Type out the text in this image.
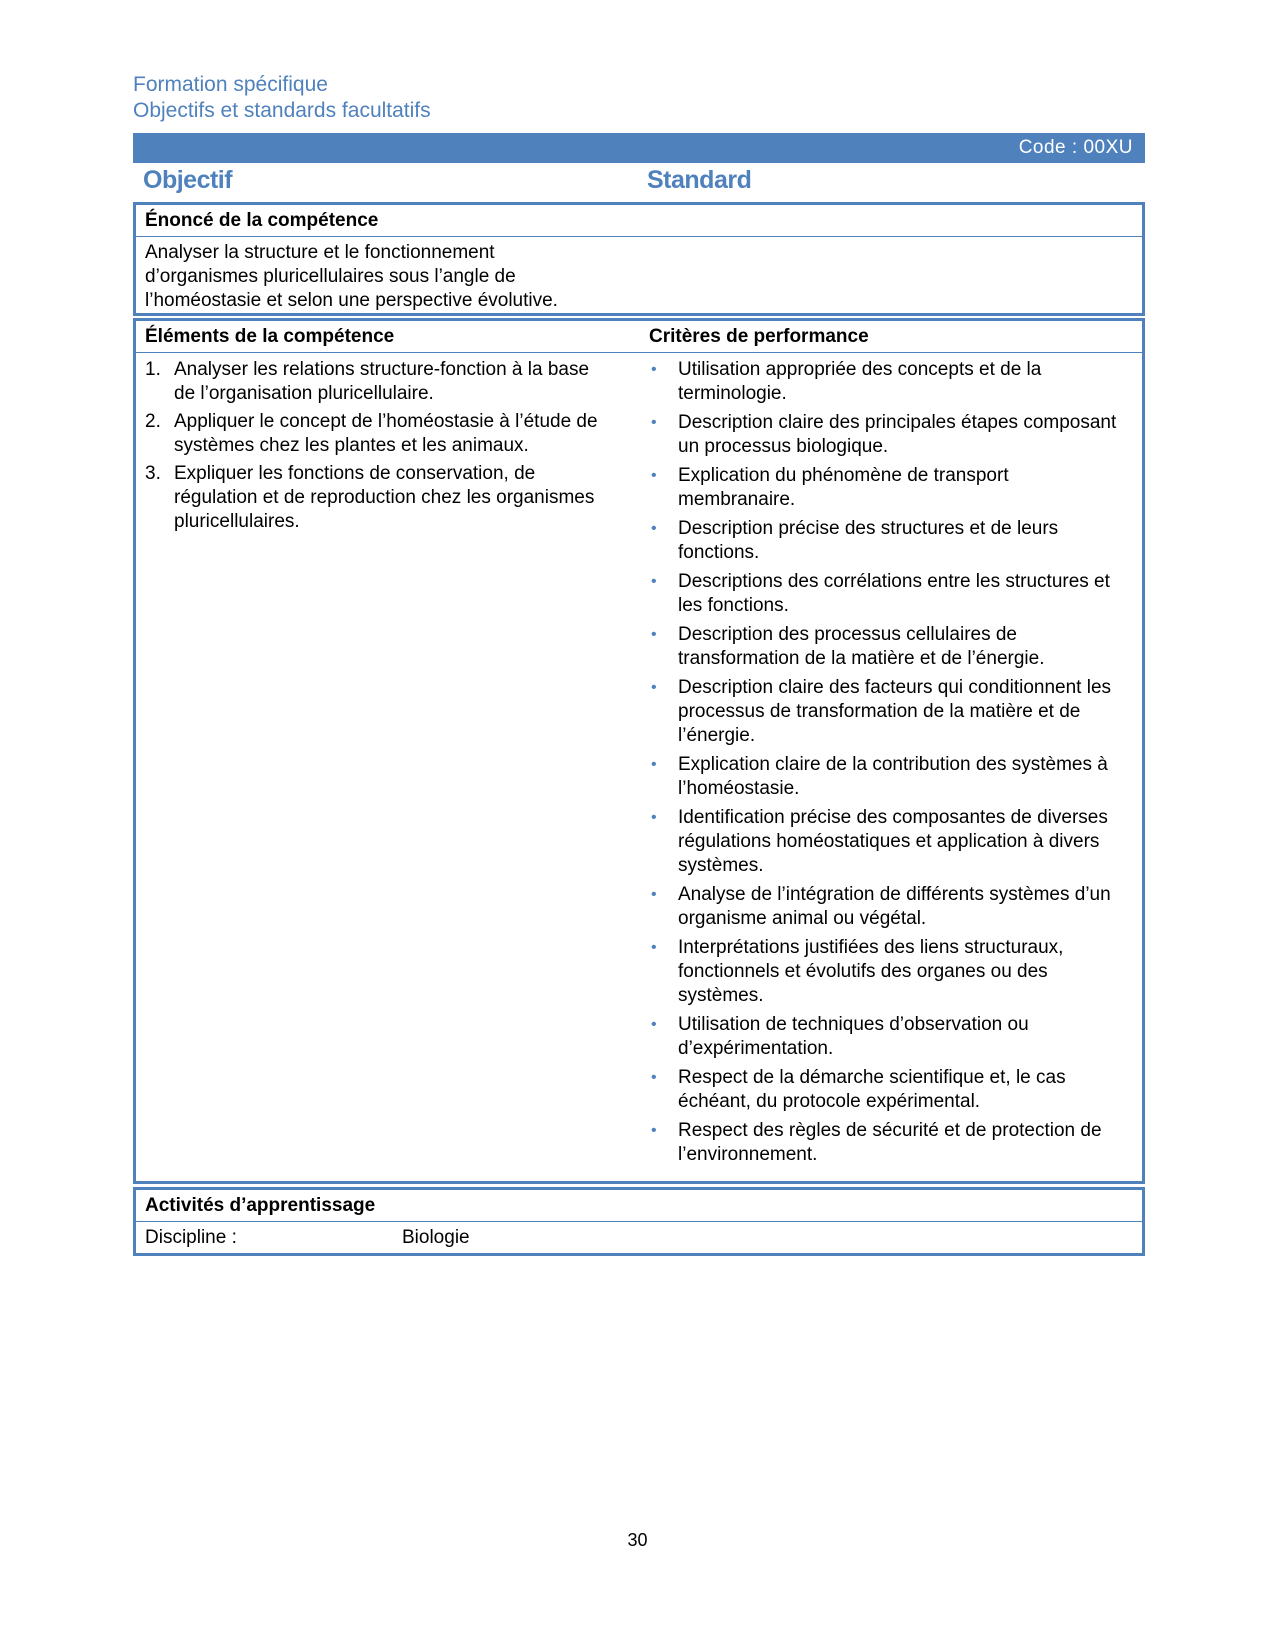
Formation spécifique
Objectifs et standards facultatifs
Code : 00XU
Objectif	Standard
Énoncé de la compétence
Analyser la structure et le fonctionnement
d’organismes pluricellulaires sous l’angle de
l’homéostasie et selon une perspective évolutive.
Éléments de la compétence	Critères de performance
1. Analyser les relations structure-fonction à la base de l’organisation pluricellulaire.
2. Appliquer le concept de l’homéostasie à l’étude de systèmes chez les plantes et les animaux.
3. Expliquer les fonctions de conservation, de régulation et de reproduction chez les organismes pluricellulaires.
• Utilisation appropriée des concepts et de la terminologie.
• Description claire des principales étapes composant un processus biologique.
• Explication du phénomène de transport membranaire.
• Description précise des structures et de leurs fonctions.
• Descriptions des corrélations entre les structures et les fonctions.
• Description des processus cellulaires de transformation de la matière et de l’énergie.
• Description claire des facteurs qui conditionnent les processus de transformation de la matière et de l’énergie.
• Explication claire de la contribution des systèmes à l’homéostasie.
• Identification précise des composantes de diverses régulations homéostatiques et application à divers systèmes.
• Analyse de l’intégration de différents systèmes d’un organisme animal ou végétal.
• Interprétations justifiées des liens structuraux, fonctionnels et évolutifs des organes ou des systèmes.
• Utilisation de techniques d’observation ou d’expérimentation.
• Respect de la démarche scientifique et, le cas échéant, du protocole expérimental.
• Respect des règles de sécurité et de protection de l’environnement.
Activités d’apprentissage
Discipline :	Biologie
30
